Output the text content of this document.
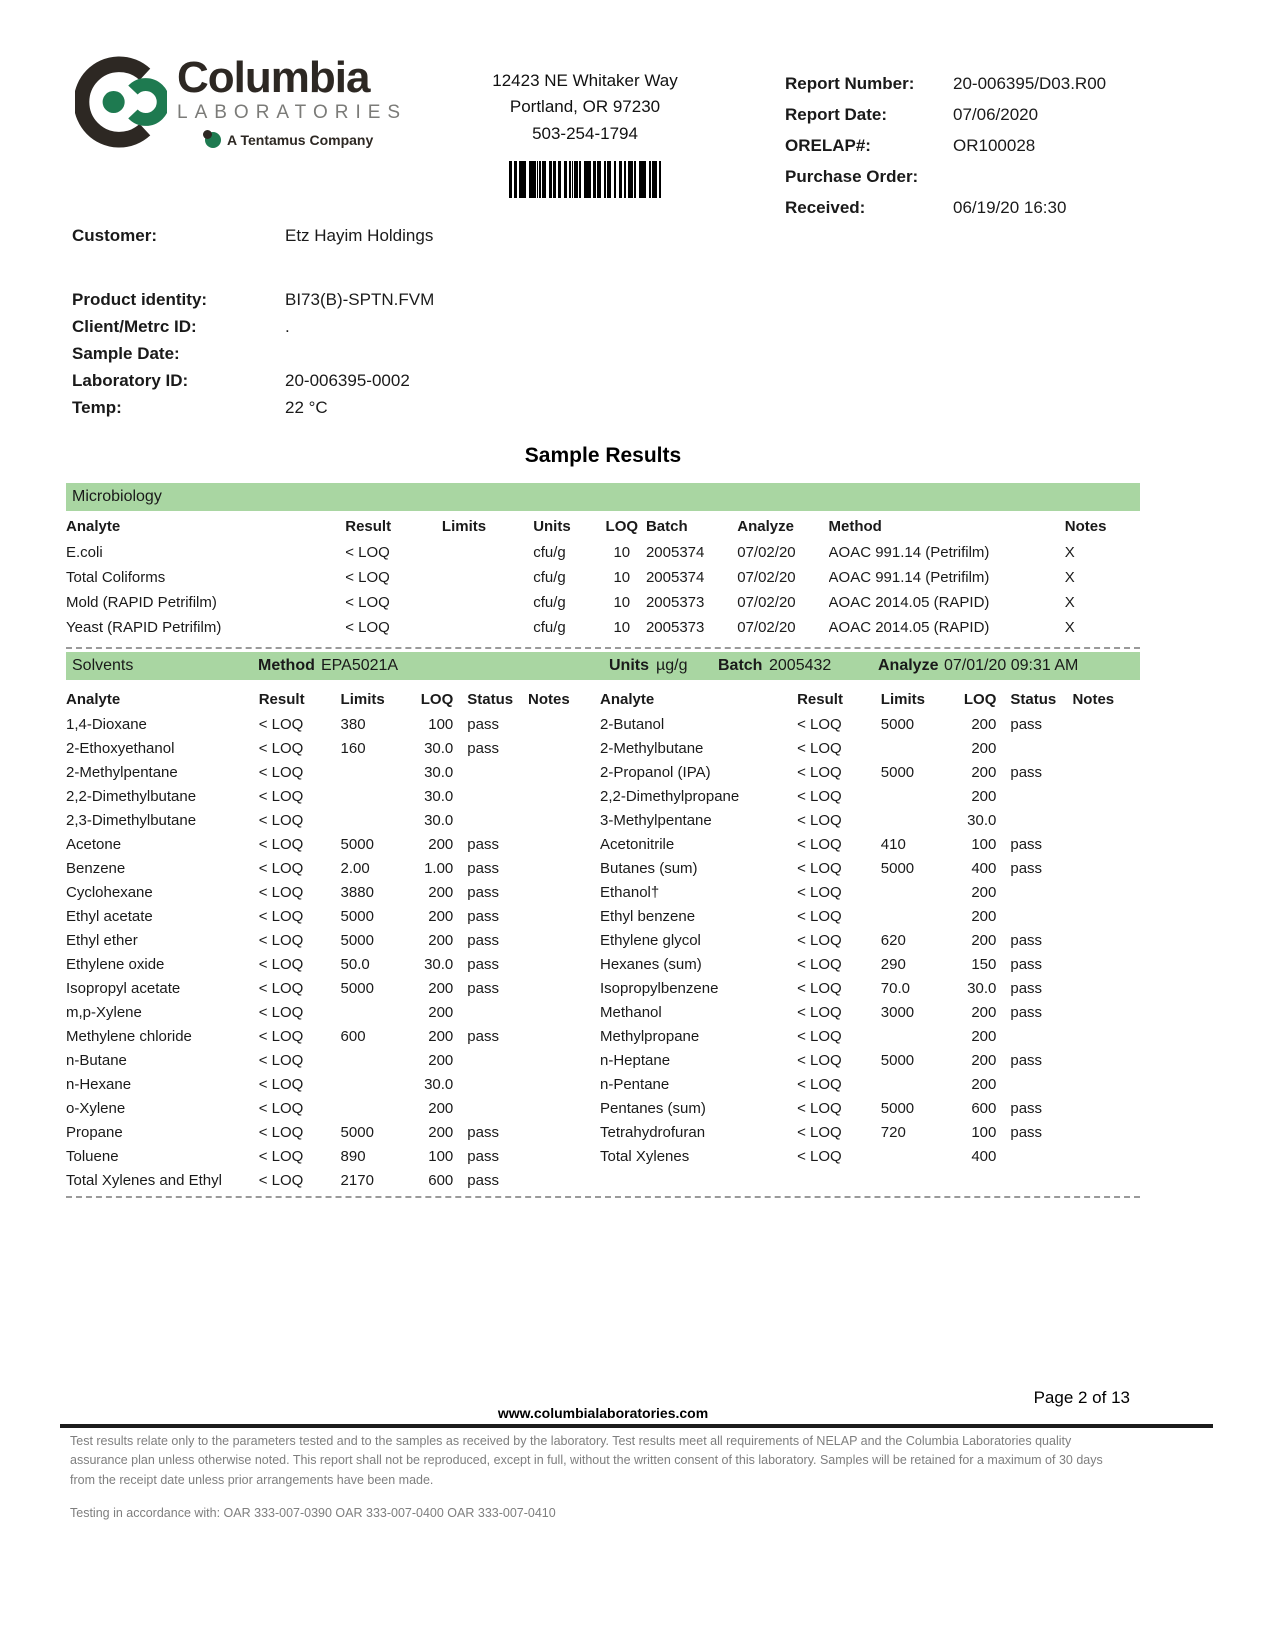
Columbia
LABORATORIES
A Tentamus Company
12423 NE Whitaker Way
Portland, OR 97230
503-254-1794
Report Number:	20-006395/D03.R00
Report Date:	07/06/2020
ORELAP#:	OR100028
Purchase Order:
Received:	06/19/20 16:30
Customer:	Etz Hayim Holdings
Product identity:	BI73(B)-SPTN.FVM
Client/Metrc ID:	.
Sample Date:
Laboratory ID:	20-006395-0002
Temp:	22 °C
Sample Results
Microbiology
Analyte	Result	Limits	Units	LOQ	Batch	Analyze	Method	Notes
E.coli	< LOQ		cfu/g	10	2005374	07/02/20	AOAC 991.14 (Petrifilm)	X
Total Coliforms	< LOQ		cfu/g	10	2005374	07/02/20	AOAC 991.14 (Petrifilm)	X
Mold (RAPID Petrifilm)	< LOQ		cfu/g	10	2005373	07/02/20	AOAC 2014.05 (RAPID)	X
Yeast (RAPID Petrifilm)	< LOQ		cfu/g	10	2005373	07/02/20	AOAC 2014.05 (RAPID)	X
Solvents	Method EPA5021A	Units µg/g Batch 2005432	Analyze 07/01/20 09:31 AM
Analyte	Result	Limits	LOQ	Status	Notes
1,4-Dioxane	< LOQ	380	100	pass	
2-Ethoxyethanol	< LOQ	160	30.0	pass	
2-Methylpentane	< LOQ		30.0		
2,2-Dimethylbutane	< LOQ		30.0		
2,3-Dimethylbutane	< LOQ		30.0		
Acetone	< LOQ	5000	200	pass	
Benzene	< LOQ	2.00	1.00	pass	
Cyclohexane	< LOQ	3880	200	pass	
Ethyl acetate	< LOQ	5000	200	pass	
Ethyl ether	< LOQ	5000	200	pass	
Ethylene oxide	< LOQ	50.0	30.0	pass	
Isopropyl acetate	< LOQ	5000	200	pass	
m,p-Xylene	< LOQ		200		
Methylene chloride	< LOQ	600	200	pass	
n-Butane	< LOQ		200		
n-Hexane	< LOQ		30.0		
o-Xylene	< LOQ		200		
Propane	< LOQ	5000	200	pass	
Toluene	< LOQ	890	100	pass	
Total Xylenes and Ethyl	< LOQ	2170	600	pass	
Analyte	Result	Limits	LOQ	Status	Notes
2-Butanol	< LOQ	5000	200	pass	
2-Methylbutane	< LOQ		200		
2-Propanol (IPA)	< LOQ	5000	200	pass	
2,2-Dimethylpropane	< LOQ		200		
3-Methylpentane	< LOQ		30.0		
Acetonitrile	< LOQ	410	100	pass	
Butanes (sum)	< LOQ	5000	400	pass	
Ethanol†	< LOQ		200		
Ethyl benzene	< LOQ		200		
Ethylene glycol	< LOQ	620	200	pass	
Hexanes (sum)	< LOQ	290	150	pass	
Isopropylbenzene	< LOQ	70.0	30.0	pass	
Methanol	< LOQ	3000	200	pass	
Methylpropane	< LOQ		200		
n-Heptane	< LOQ	5000	200	pass	
n-Pentane	< LOQ		200		
Pentanes (sum)	< LOQ	5000	600	pass	
Tetrahydrofuran	< LOQ	720	100	pass	
Total Xylenes	< LOQ		400		
Page 2 of 13
www.columbialaboratories.com
Test results relate only to the parameters tested and to the samples as received by the laboratory. Test results meet all requirements of NELAP and the Columbia Laboratories quality assurance plan unless otherwise noted. This report shall not be reproduced, except in full, without the written consent of this laboratory. Samples will be retained for a maximum of 30 days from the receipt date unless prior arrangements have been made.
Testing in accordance with: OAR 333-007-0390 OAR 333-007-0400 OAR 333-007-0410
